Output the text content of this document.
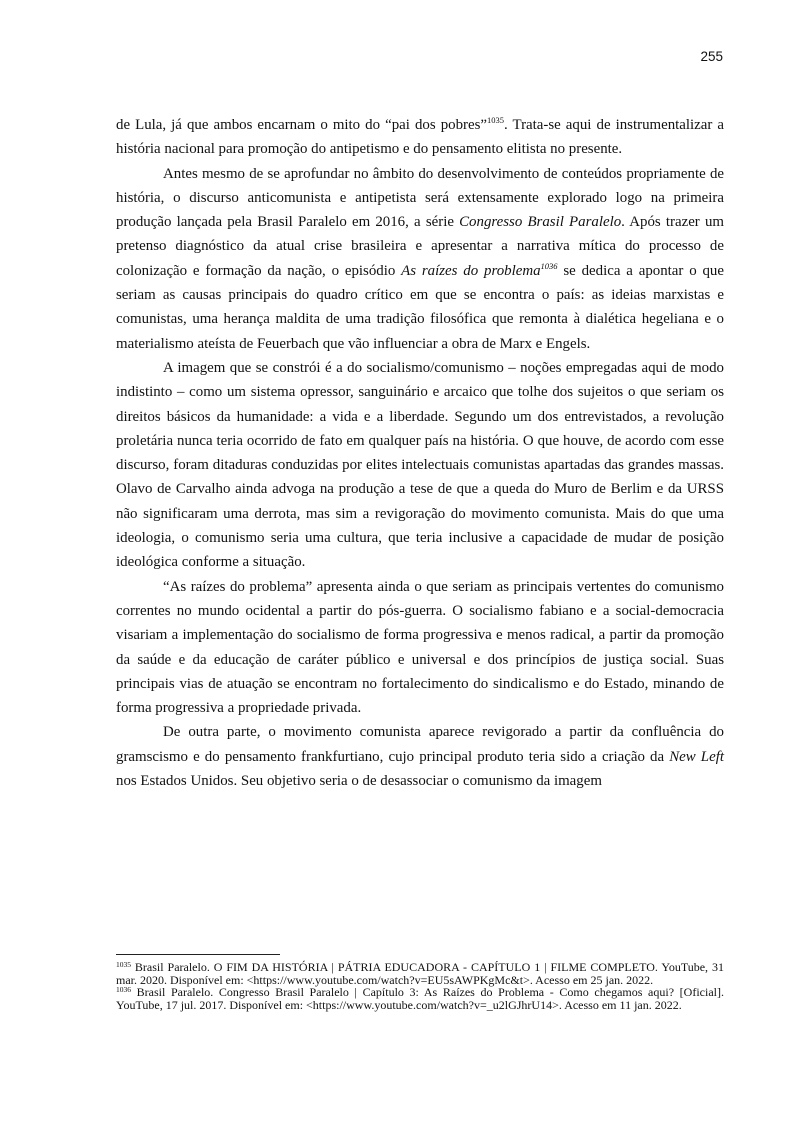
255

de Lula, já que ambos encarnam o mito do “pai dos pobres”$^{1035}$. Trata-se aqui de instrumentalizar a história nacional para promoção do antipetismo e do pensamento elitista no presente.

Antes mesmo de se aprofundar no âmbito do desenvolvimento de conteúdos propriamente de história, o discurso anticomunista e antipetista será extensamente explorado logo na primeira produção lançada pela Brasil Paralelo em 2016, a série Congresso Brasil Paralelo. Após trazer um pretenso diagnóstico da atual crise brasileira e apresentar a narrativa mítica do processo de colonização e formação da nação, o episódio As raízes do problema$^{1036}$ se dedica a apontar o que seriam as causas principais do quadro crítico em que se encontra o país: as ideias marxistas e comunistas, uma herança maldita de uma tradição filosófica que remonta à dialética hegeliana e o materialismo ateísta de Feuerbach que vão influenciar a obra de Marx e Engels.

A imagem que se constrói é a do socialismo/comunismo – noções empregadas aqui de modo indistinto – como um sistema opressor, sanguinário e arcaico que tolhe dos sujeitos o que seriam os direitos básicos da humanidade: a vida e a liberdade. Segundo um dos entrevistados, a revolução proletária nunca teria ocorrido de fato em qualquer país na história. O que houve, de acordo com esse discurso, foram ditaduras conduzidas por elites intelectuais comunistas apartadas das grandes massas. Olavo de Carvalho ainda advoga na produção a tese de que a queda do Muro de Berlim e da URSS não significaram uma derrota, mas sim a revigoração do movimento comunista. Mais do que uma ideologia, o comunismo seria uma cultura, que teria inclusive a capacidade de mudar de posição ideológica conforme a situação.

“As raízes do problema” apresenta ainda o que seriam as principais vertentes do comunismo correntes no mundo ocidental a partir do pós-guerra. O socialismo fabiano e a social-democracia visariam a implementação do socialismo de forma progressiva e menos radical, a partir da promoção da saúde e da educação de caráter público e universal e dos princípios de justiça social. Suas principais vias de atuação se encontram no fortalecimento do sindicalismo e do Estado, minando de forma progressiva a propriedade privada.

De outra parte, o movimento comunista aparece revigorado a partir da confluência do gramscismo e do pensamento frankfurtiano, cujo principal produto teria sido a criação da New Left nos Estados Unidos. Seu objetivo seria o de desassociar o comunismo da imagem

$^{1035}$ Brasil Paralelo. O FIM DA HISTÓRIA | PÁTRIA EDUCADORA - CAPÍTULO 1 | FILME COMPLETO. YouTube, 31 mar. 2020. Disponível em: <https://www.youtube.com/watch?v=EU5sAWPKgMc&t>. Acesso em 25 jan. 2022.

$^{1036}$ Brasil Paralelo. Congresso Brasil Paralelo | Capítulo 3: As Raízes do Problema - Como chegamos aqui? [Oficial]. YouTube, 17 jul. 2017. Disponível em: <https://www.youtube.com/watch?v=_u2lGJhrU14>. Acesso em 11 jan. 2022.
